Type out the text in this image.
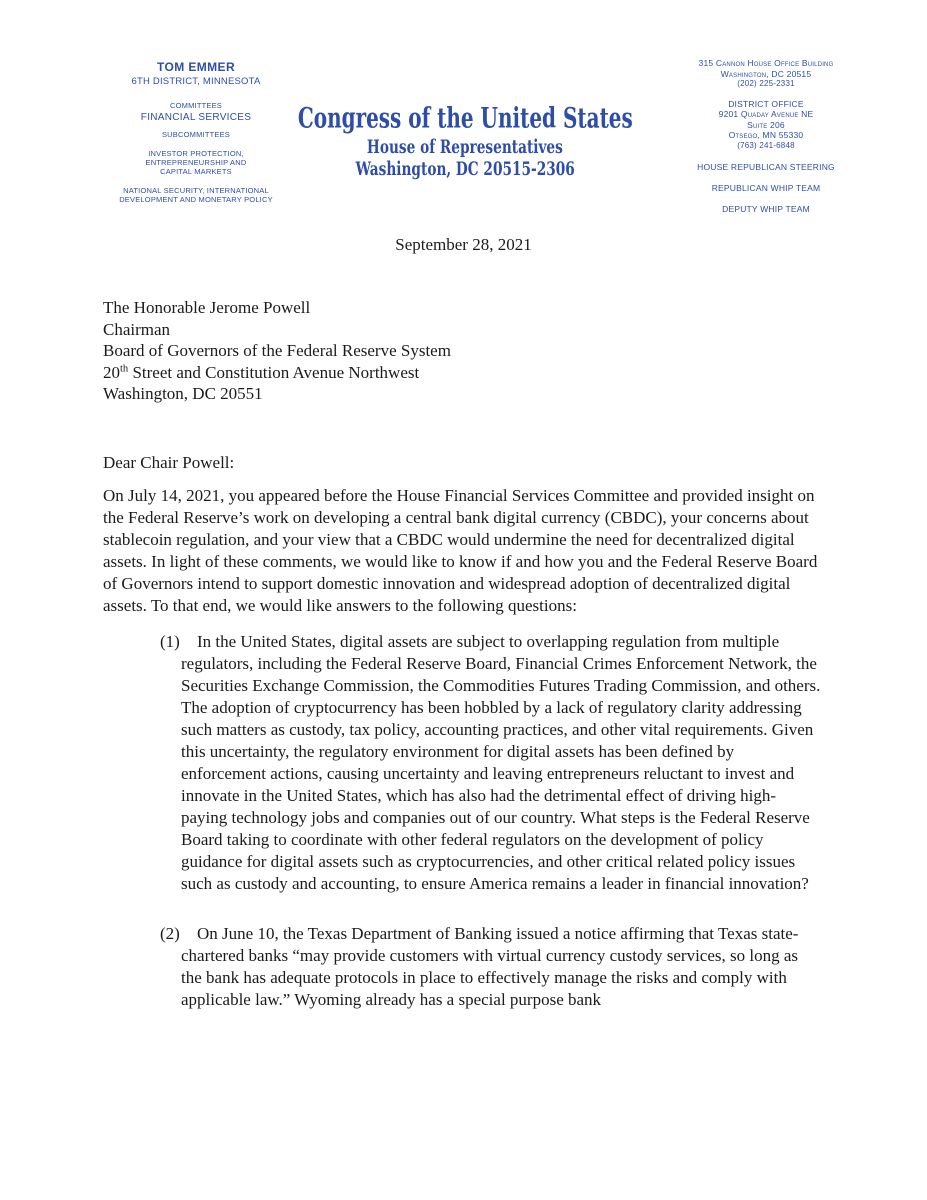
TOM EMMER
6TH DISTRICT, MINNESOTA
COMMITTEES
FINANCIAL SERVICES
SUBCOMMITTEES
INVESTOR PROTECTION,
ENTREPRENEURSHIP AND
CAPITAL MARKETS
NATIONAL SECURITY, INTERNATIONAL
DEVELOPMENT AND MONETARY POLICY
Congress of the United States
House of Representatives
Washington, DC 20515-2306
315 Cannon House Office Building
Washington, DC 20515
(202) 225-2331
DISTRICT OFFICE
9201 Quaday Avenue NE
Suite 206
Otsego, MN 55330
(763) 241-6848
HOUSE REPUBLICAN STEERING
REPUBLICAN WHIP TEAM
DEPUTY WHIP TEAM
September 28, 2021
The Honorable Jerome Powell
Chairman
Board of Governors of the Federal Reserve System
20th Street and Constitution Avenue Northwest
Washington, DC 20551
Dear Chair Powell:
On July 14, 2021, you appeared before the House Financial Services Committee and provided insight on the Federal Reserve’s work on developing a central bank digital currency (CBDC), your concerns about stablecoin regulation, and your view that a CBDC would undermine the need for decentralized digital assets. In light of these comments, we would like to know if and how you and the Federal Reserve Board of Governors intend to support domestic innovation and widespread adoption of decentralized digital assets. To that end, we would like answers to the following questions:
(1) In the United States, digital assets are subject to overlapping regulation from multiple regulators, including the Federal Reserve Board, Financial Crimes Enforcement Network, the Securities Exchange Commission, the Commodities Futures Trading Commission, and others. The adoption of cryptocurrency has been hobbled by a lack of regulatory clarity addressing such matters as custody, tax policy, accounting practices, and other vital requirements. Given this uncertainty, the regulatory environment for digital assets has been defined by enforcement actions, causing uncertainty and leaving entrepreneurs reluctant to invest and innovate in the United States, which has also had the detrimental effect of driving high-paying technology jobs and companies out of our country. What steps is the Federal Reserve Board taking to coordinate with other federal regulators on the development of policy guidance for digital assets such as cryptocurrencies, and other critical related policy issues such as custody and accounting, to ensure America remains a leader in financial innovation?
(2) On June 10, the Texas Department of Banking issued a notice affirming that Texas state-chartered banks “may provide customers with virtual currency custody services, so long as the bank has adequate protocols in place to effectively manage the risks and comply with applicable law.” Wyoming already has a special purpose bank
